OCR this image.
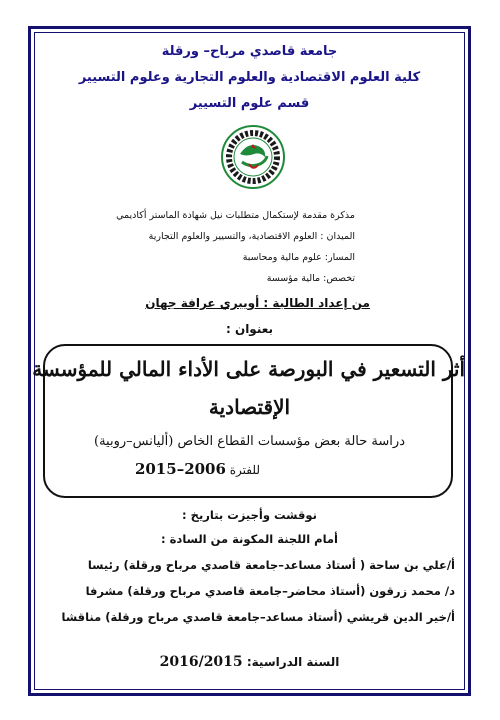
جامعة قاصدي مرباح– ورقلة
كلية العلوم الاقتصادية والعلوم التجارية وعلوم التسيير
قسم علوم التسيير
مذكرة مقدمة لإستكمال متطلبات نيل شهادة الماستر أكاديمي
الميدان : العلوم الاقتصادية، والتسيير والعلوم التجارية
المسار: علوم مالية ومحاسبة
تخصص: مالية مؤسسة
من إعداد الطالبة : أويبري عرافة جهان
بعنوان :
أثر التسعير في البورصة على الأداء المالي للمؤسسة
الإقتصادية
دراسة حالة بعض مؤسسات القطاع الخاص (أليانس–روبية)
للفترة 2006–2015
نوقشت وأجيزت بتاريخ :
أمام اللجنة المكونة من السادة :
أ/علي بن ساحة ( أستاذ مساعد–جامعة قاصدي مرباح ورقلة) رئيسا
د/ محمد زرقون (أستاذ محاضر–جامعة قاصدي مرباح ورقلة) مشرفا
أ/خير الدين قريشي (أستاذ مساعد–جامعة قاصدي مرباح ورقلة) مناقشا
السنة الدراسية: 2016/2015
